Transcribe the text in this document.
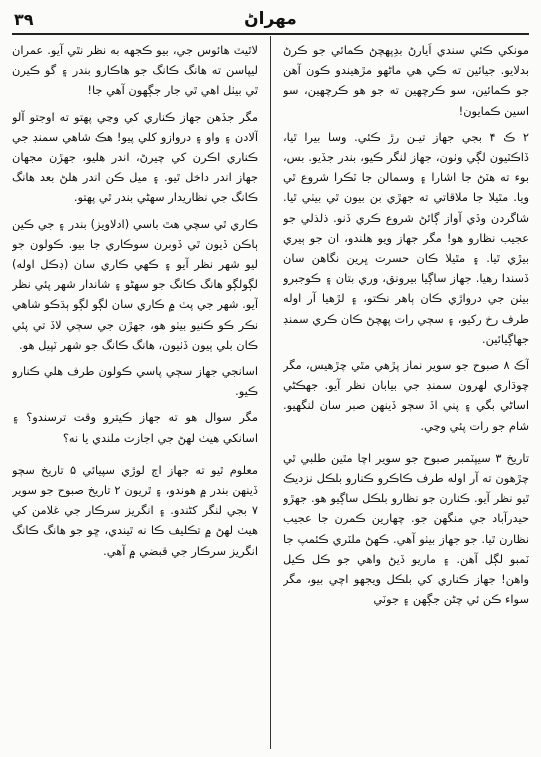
۳۹	مهراڻ

مونکي ڪئي سندي اَيارڻ بدِپهچڻ ڪمائي جو ڪرڻ بدلايو. جيائين ته ڪي هي ماڻهو مڙهيندو ڪون آهن جو ڪمائين، سو ڪرچهين ته جو هو ڪرچهين، سو اسين ڪمايون!

۲ ڪ ۴ بجي جهاز تيـن رڙ ڪئي. وسا بيرا ٿيا، ڏاڪٽيون لڳي وٺون، جهاز لنگر ڪيو، بندر جڏيو. بس، بوء ته هٽڻ جا اشارا ۽ وسمالن جا ٽڪرا شروع ٿي ويا. مٿيلا جا ملاقاتي ته جهڙي بن بيون ٿي بيٺي ٿيا. شاگردن وڏي آواز ڳائڻ شروع ڪري ڏنو. ذلذلي جو عجيب نظارو هو! مگر جهاز ويو هلندو، ان جو ٻيري بيڙي ٿيا. ۽ مٿيلا ڪان حسرت ڀرين نگاهن سان ڏسندا رهيا. جهاز ساڳيا بيرونق، وري بتان ۽ ڪوجبرو بيٺن جي درواڙي ڪان ٻاهر نڪتو، ۽ لڙهيا آر اوله طرف رخ رکيو، ۽ سڄي رات پهچڻ ڪان ڪري سمنڊ جهاڳيائين.

آڪ ۸ صبوح جو سوير نماز پڙهي مٿي چڙهيس، مگر چوڌاري لهرون سمنڊ جي بيابان نظر آيو. جهڪڻي اساڻي بگي ۽ پني اڏ سڄو ڏينهن صبر سان لنگهيو. شام جو رات پئي وڃي.

تاريخ ۳ سيپٽمبر صبوح جو سوير اچا مٿين طلبي ٿي چڙهون ته آر اوله طرف ڪاڪرو ڪنارو بلڪل نزديڪ ٿيو نظر آيو. ڪنارن جو نظارو بلڪل ساڳيو هو. جهڙو حيدرآباد جي منگهن جو. چهارين ڪمرن جا عجيب نظارن ٿيا. جو جهاز بيٺو آهي. ڪهڻ ملٽري ڪئمپ جا ٽمبو لڳل آهن. ۽ ماريو ڏيڻ واهي جو ڪل ڪيل واهن! جهاز ڪناري کي بلڪل ويجهو اچي بيو، مگر سواء ڪن ئي چڻن جڳهن ۽ جوٽي

لاٿيٽ هائوس جي، بيو ڪجهه به نظر نٿي آيو. عمران ليپاسن ته هانگ ڪانگ جو هاڪارو بندر ۽ گو ڪيرن ٿي بيٺل اهي ٿي جار جڳهون آهي جا!

مگر جڏهن جهاز ڪناري کي وڃي پهتو ته اوجتو آلو آلادن ۽ واو ۽ دروازو کلي پيو! هڪ شاهي سمنڊ جي ڪناري اڪرن کي چيرڻ، اندر هليو، جهڙن مجهان جهاز اندر داخل ٿيو. ۽ ميل ڪن اندر هلڻ بعد هانگ ڪانگ جي نظاريدار سهڻي بندر ٿي پهتو.

ڪاري ٿي سچي هٿ باسي (ادلاويز) بندر ۽ جي ڪين ٻاڪن ڏيون ٿي ڏوبرن سوڪاري جا بيو. ڪولون جو ليو شهر نظر آيو ۽ ڪهي ڪاري سان (ڊڪل اوله) لڳولڳو هانگ ڪانگ جو سهڻو ۽ شاندار شهر پئي نظر آيو. شهر جي پٺ ۾ ڪاري سان لڳو لڳو ٻڌڪو شاهي نڪر ڪو ڪنيو بيٺو هو، جهڙن جي سڄي لاڏ تي پئي ڪان بلي ٻيون ڏٺيون، هانگ ڪانگ جو شهر ٽپيل هو.

اسانجي جهاز سڄي پاسي ڪولون طرف هلي ڪنارو ڪيو.

مگر سوال هو ته جهاز ڪيترو وقت ترسندو؟ ۽ اسانکي هيٺ لهڻ جي اجازت ملندي يا نه؟

معلوم ٿيو ته جهاز اڄ لوڙي سپيائي ۵ تاريخ سڄو ڏينهن بندر ۾ هوندو، ۽ ٿريون ۲ تاريخ صبوح جو سوير ۷ بجي لنگر کڻندو. ۽ انگريز سرڪار جي غلامن کي هيٺ لهڻ ۾ تڪليف ڪا نه ٿيندي، ڇو جو هانگ ڪانگ انگريز سرڪار جي قبضي ۾ آهي.
